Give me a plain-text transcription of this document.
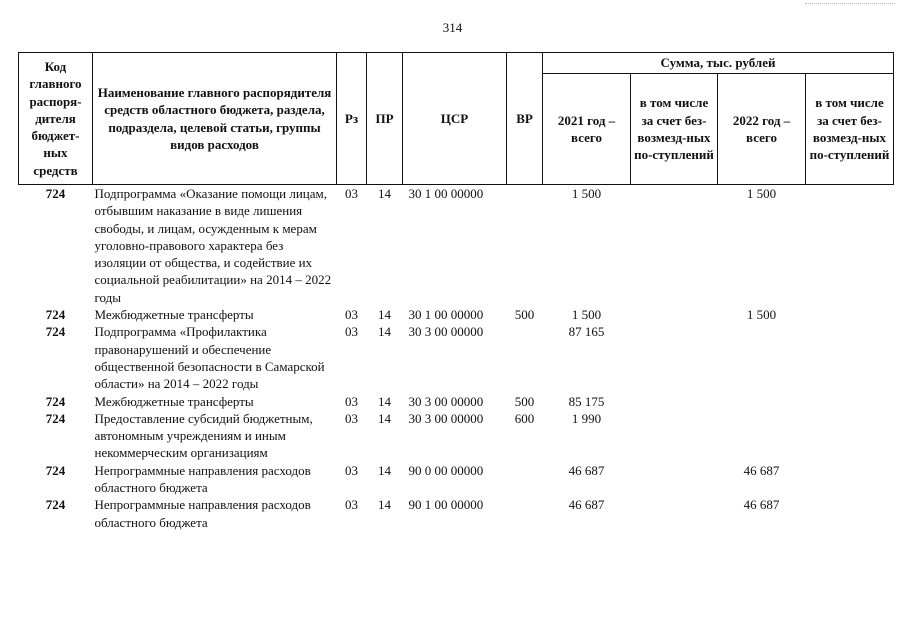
314
Код главного распоря-дителя бюджет-ных средств	Наименование главного распорядителя средств областного бюджета, раздела, подраздела, целевой статьи, группы видов расходов	Рз	ПР	ЦСР	ВР	Сумма, тыс. рублей			
						2021 год – всего	в том числе за счет без-возмезд-ных по-ступлений	2022 год – всего	в том числе за счет без-возмезд-ных по-ступлений
724	Подпрограмма «Оказание помощи лицам, отбывшим наказание в виде лишения свободы, и лицам, осужденным к мерам уголовно-правового характера без изоляции от общества, и содействие их социальной реабилитации» на 2014 – 2022 годы	03	14	30 1 00 00000		1 500		1 500	
724	Межбюджетные трансферты	03	14	30 1 00 00000	500	1 500		1 500	
724	Подпрограмма «Профилактика правонарушений и обеспечение общественной безопасности в Самарской области» на 2014 – 2022 годы	03	14	30 3 00 00000		87 165			
724	Межбюджетные трансферты	03	14	30 3 00 00000	500	85 175			
724	Предоставление субсидий бюджетным, автономным учреждениям и иным некоммерческим организациям	03	14	30 3 00 00000	600	1 990			
724	Непрограммные направления расходов областного бюджета	03	14	90 0 00 00000		46 687		46 687	
724	Непрограммные направления расходов областного бюджета	03	14	90 1 00 00000		46 687		46 687	
